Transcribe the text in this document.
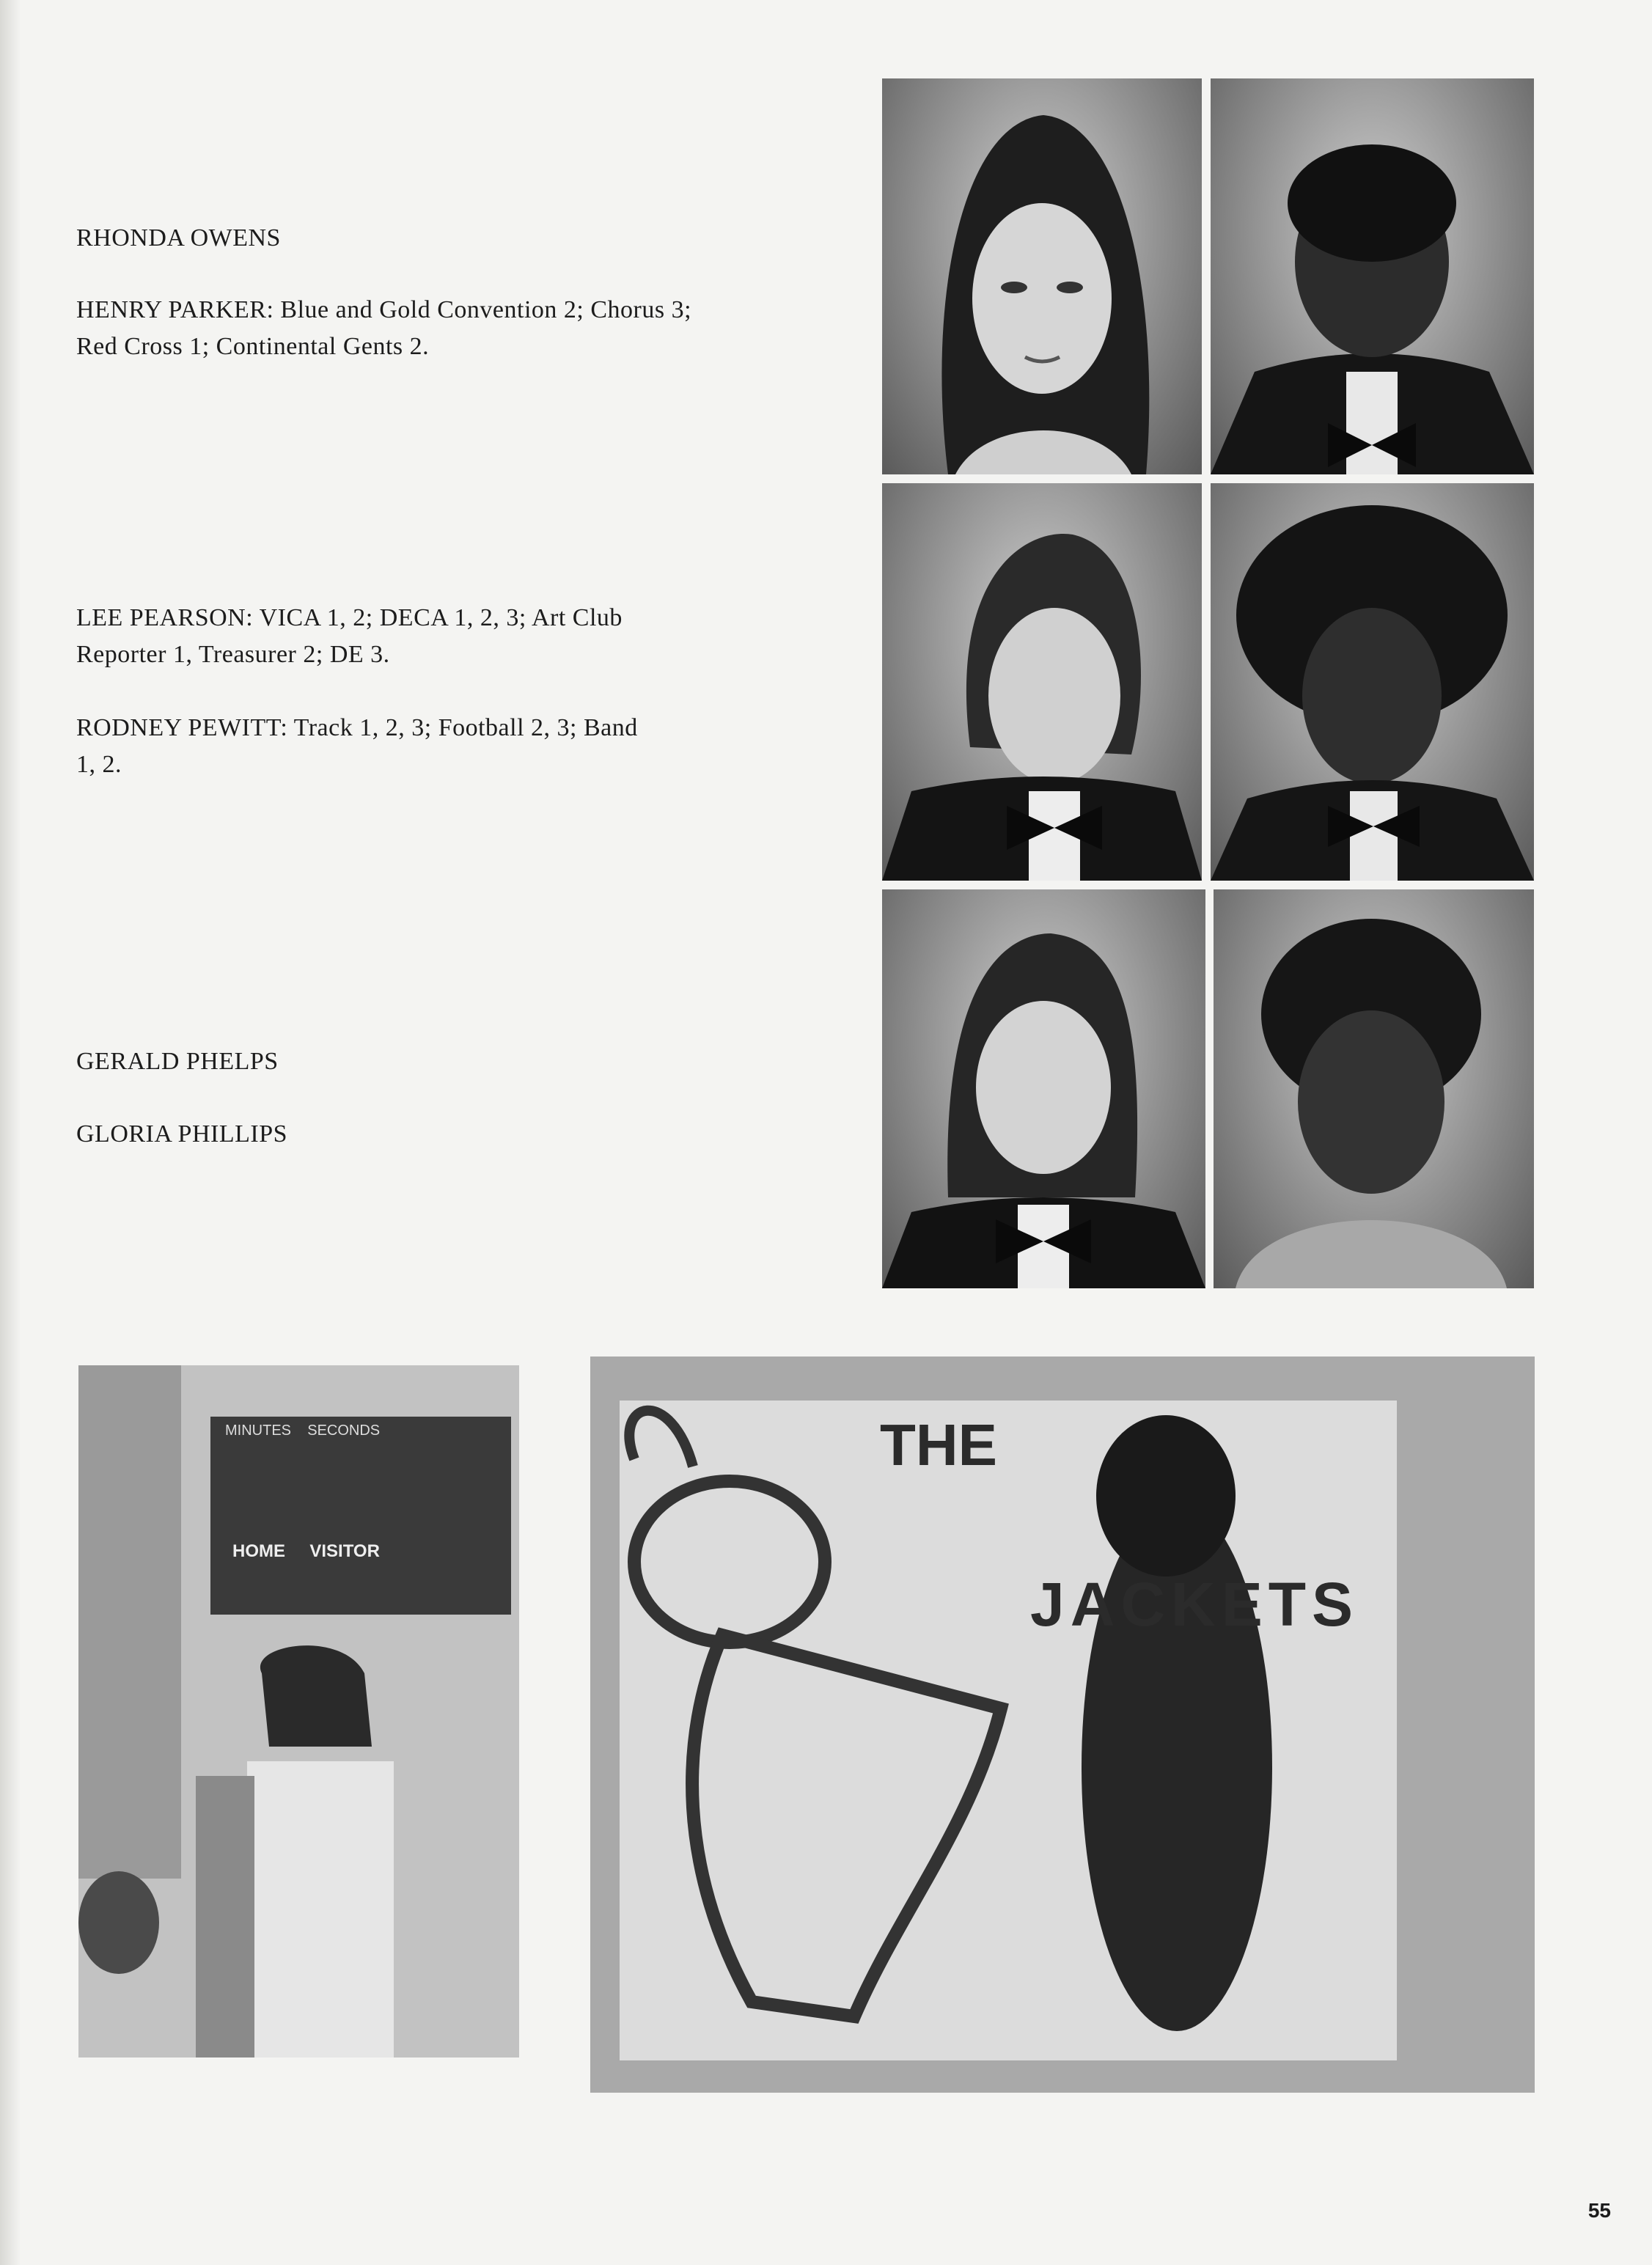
RHONDA OWENS
HENRY PARKER: Blue and Gold Convention 2; Chorus 3;
Red Cross 1; Continental Gents 2.
LEE PEARSON: VICA 1, 2; DECA 1, 2, 3; Art Club
Reporter 1, Treasurer 2; DE 3.
RODNEY PEWITT: Track 1, 2, 3; Football 2, 3; Band
1, 2.
GERALD PHELPS
GLORIA PHILLIPS
MINUTES SECONDS
HOME VISITOR
THE
JACKETS
55
